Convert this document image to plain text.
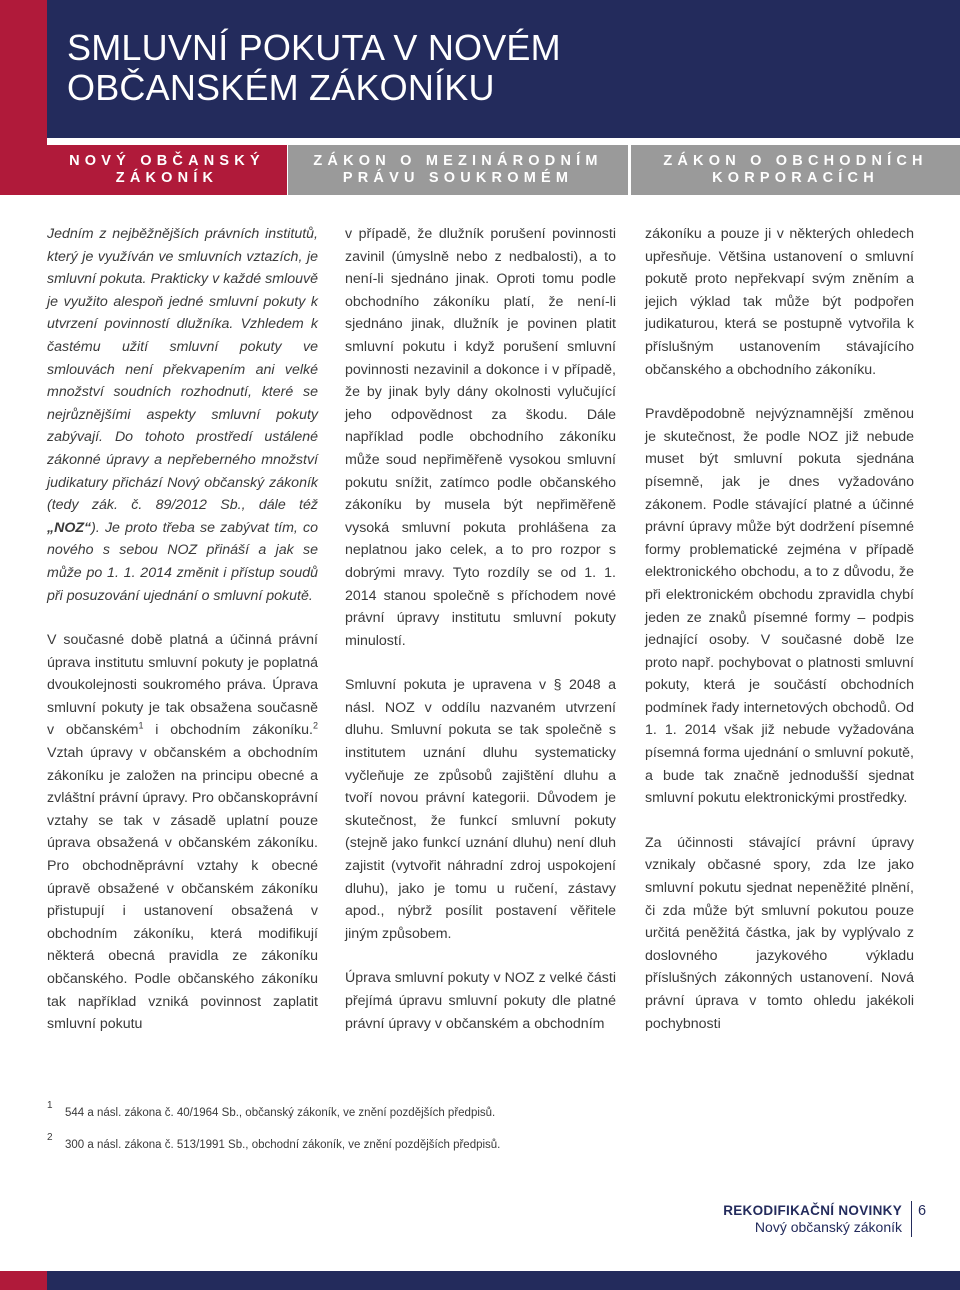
SMLUVNÍ POKUTA V NOVÉM
OBČANSKÉM ZÁKONÍKU
NOVÝ OBČANSKÝ
ZÁKONÍK
ZÁKON O MEZINÁRODNÍM
PRÁVU SOUKROMÉM
ZÁKON O OBCHODNÍCH
KORPORACÍCH

Jedním z nejběžnějších právních institutů, který je využíván ve smluvních vztazích, je smluvní pokuta. Prakticky v každé smlouvě je využito alespoň jedné smluvní pokuty k utvrzení povinností dlužníka. Vzhledem k častému užití smluvní pokuty ve smlouvách není překvapením ani velké množství soudních rozhodnutí, které se nejrůznějšími aspekty smluvní pokuty zabývají. Do tohoto prostředí ustálené zákonné úpravy a nepřeberného množství judikatury přichází Nový občanský zákoník (tedy zák. č. 89/2012 Sb., dále též „NOZ“). Je proto třeba se zabývat tím, co nového s sebou NOZ přináší a jak se může po 1. 1. 2014 změnit i přístup soudů při posuzování ujednání o smluvní pokutě.

V současné době platná a účinná právní úprava institutu smluvní pokuty je poplatná dvoukolejnosti soukromého práva. Úprava smluvní pokuty je tak obsažena současně v občanském$^1$ i obchodním zákoníku.$^2$ Vztah úpravy v občanském a obchodním zákoníku je založen na principu obecné a zvláštní právní úpravy. Pro občanskoprávní vztahy se tak v zásadě uplatní pouze úprava obsažená v občanském zákoníku. Pro obchodněprávní vztahy k obecné úpravě obsažené v občanském zákoníku přistupují i ustanovení obsažená v obchodním zákoníku, která modifikují některá obecná pravidla ze zákoníku občanského. Podle občanského zákoníku tak například vzniká povinnost zaplatit smluvní pokutu

v případě, že dlužník porušení povinnosti zavinil (úmyslně nebo z nedbalosti), a to není-li sjednáno jinak. Oproti tomu podle obchodního zákoníku platí, že není-li sjednáno jinak, dlužník je povinen platit smluvní pokutu i když porušení smluvní povinnosti nezavinil a dokonce i v případě, že by jinak byly dány okolnosti vylučující jeho odpovědnost za škodu. Dále například podle obchodního zákoníku může soud nepřiměřeně vysokou smluvní pokutu snížit, zatímco podle občanského zákoníku by musela být nepřiměřeně vysoká smluvní pokuta prohlášena za neplatnou jako celek, a to pro rozpor s dobrými mravy. Tyto rozdíly se od 1. 1. 2014 stanou společně s příchodem nové právní úpravy institutu smluvní pokuty minulostí.

Smluvní pokuta je upravena v § 2048 a násl. NOZ v oddílu nazvaném utvrzení dluhu. Smluvní pokuta se tak společně s institutem uznání dluhu systematicky vyčleňuje ze způsobů zajištění dluhu a tvoří novou právní kategorii. Důvodem je skutečnost, že funkcí smluvní pokuty (stejně jako funkcí uznání dluhu) není dluh zajistit (vytvořit náhradní zdroj uspokojení dluhu), jako je tomu u ručení, zástavy apod., nýbrž posílit postavení věřitele jiným způsobem.

Úprava smluvní pokuty v NOZ z velké části přejímá úpravu smluvní pokuty dle platné právní úpravy v občanském a obchodním

zákoníku a pouze ji v některých ohledech upřesňuje. Většina ustanovení o smluvní pokutě proto nepřekvapí svým zněním a jejich výklad tak může být podpořen judikaturou, která se postupně vytvořila k příslušným ustanovením stávajícího občanského a obchodního zákoníku.

Pravděpodobně nejvýznamnější změnou je skutečnost, že podle NOZ již nebude muset být smluvní pokuta sjednána písemně, jak je dnes vyžadováno zákonem. Podle stávající platné a účinné právní úpravy může být dodržení písemné formy problematické zejména v případě elektronického obchodu, a to z důvodu, že při elektronickém obchodu zpravidla chybí jeden ze znaků písemné formy – podpis jednající osoby. V současné době lze proto např. pochybovat o platnosti smluvní pokuty, která je součástí obchodních podmínek řady internetových obchodů. Od 1. 1. 2014 však již nebude vyžadována písemná forma ujednání o smluvní pokutě, a bude tak značně jednodušší sjednat smluvní pokutu elektronickými prostředky.

Za účinnosti stávající právní úpravy vznikaly občasné spory, zda lze jako smluvní pokutu sjednat nepeněžité plnění, či zda může být smluvní pokutou pouze určitá peněžitá částka, jak by vyplývalo z doslovného jazykového výkladu příslušných zákonných ustanovení. Nová právní úprava v tomto ohledu jakékoli pochybnosti

1
544 a násl. zákona č. 40/1964 Sb., občanský zákoník, ve znění pozdějších předpisů.

2
300 a násl. zákona č. 513/1991 Sb., obchodní zákoník, ve znění pozdějších předpisů.

REKODIFIKAČNÍ NOVINKY
Nový občanský zákoník
6
